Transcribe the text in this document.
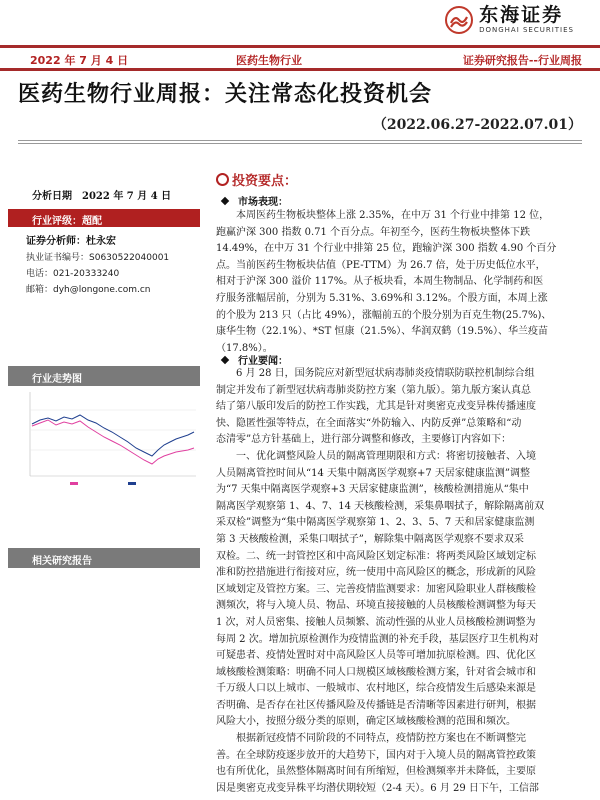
东海证券
DONGHAI SECURITIES
2022 年 7 月 4 日	医药生物行业	证券研究报告--行业周报
医药生物行业周报：关注常态化投资机会
（2022.06.27-2022.07.01）
分析日期　2022 年 7 月 4 日
行业评级：超配
证券分析师：杜永宏
执业证书编号：S0630522040001
电话：021-20333240
邮箱：dyh@longone.com.cn
行业走势图
相关研究报告
投资要点：
市场表现：
本周医药生物板块整体上涨 2.35%，在中万 31 个行业中排第 12 位，
跑赢沪深 300 指数 0.71 个百分点。年初至今，医药生物板块整体下跌
14.49%，在中万 31 个行业中排第 25 位，跑输沪深 300 指数 4.90 个百分
点。当前医药生物板块估值（PE-TTM）为 26.7 倍，处于历史低位水平，
相对于沪深 300 溢价 117%。从子板块看，本周生物制品、化学制药和医
疗服务涨幅居前，分别为 5.31%、3.69%和 3.12%。个股方面，本周上涨
的个股为 213 只（占比 49%），涨幅前五的个股分别为百克生物(25.7%)、
康华生物（22.1%）、*ST 恒康（21.5%）、华润双鹤（19.5%）、华兰疫苗
（17.8%）。
行业要闻：
6 月 28 日，国务院应对新型冠状病毒肺炎疫情联防联控机制综合组
制定并发布了新型冠状病毒肺炎防控方案（第九版）。第九版方案认真总
结了第八版印发后的防控工作实践，尤其是针对奥密克戎变异株传播速度
快、隐匿性强等特点，在全面落实“外防输入、内防反弹”总策略和“动
态清零”总方针基础上，进行部分调整和修改，主要修订内容如下：
一、优化调整风险人员的隔离管理期限和方式：将密切接触者、入境
人员隔离管控时间从“14 天集中隔离医学观察+7 天居家健康监测”调整
为“7 天集中隔离医学观察+3 天居家健康监测”，核酸检测措施从“集中
隔离医学观察第 1、4、7、14 天核酸检测，采集鼻咽拭子，解除隔离前双
采双检”调整为“集中隔离医学观察第 1、2、3、5、7 天和居家健康监测
第 3 天核酸检测，采集口咽拭子”，解除集中隔离医学观察不要求双采
双检。二、统一封管控区和中高风险区划定标准：将两类风险区域划定标
准和防控措施进行衔接对应，统一使用中高风险区的概念，形成新的风险
区域划定及管控方案。三、完善疫情监测要求：加密风险职业人群核酸检
测频次，将与入境人员、物品、环境直接接触的人员核酸检测调整为每天
1 次，对人员密集、接触人员频繁、流动性强的从业人员核酸检测调整为
每周 2 次。增加抗原检测作为疫情监测的补充手段，基层医疗卫生机构对
可疑患者、疫情处置时对中高风险区人员等可增加抗原检测。四、优化区
域核酸检测策略：明确不同人口规模区域核酸检测方案，针对省会城市和
千万级人口以上城市、一般城市、农村地区，综合疫情发生后感染来源是
否明确、是否存在社区传播风险及传播链是否清晰等因素进行研判，根据
风险大小，按照分级分类的原则，确定区域核酸检测的范围和频次。
根据新冠疫情不同阶段的不同特点，疫情防控方案也在不断调整完
善。在全球防疫逐步放开的大趋势下，国内对于入境人员的隔离管控政策
也有所优化，虽然整体隔离时间有所缩短，但检测频率并未降低，主要原
因是奥密克戎变异株平均潜伏期较短（2-4 天）。6 月 29 日下午，工信部
